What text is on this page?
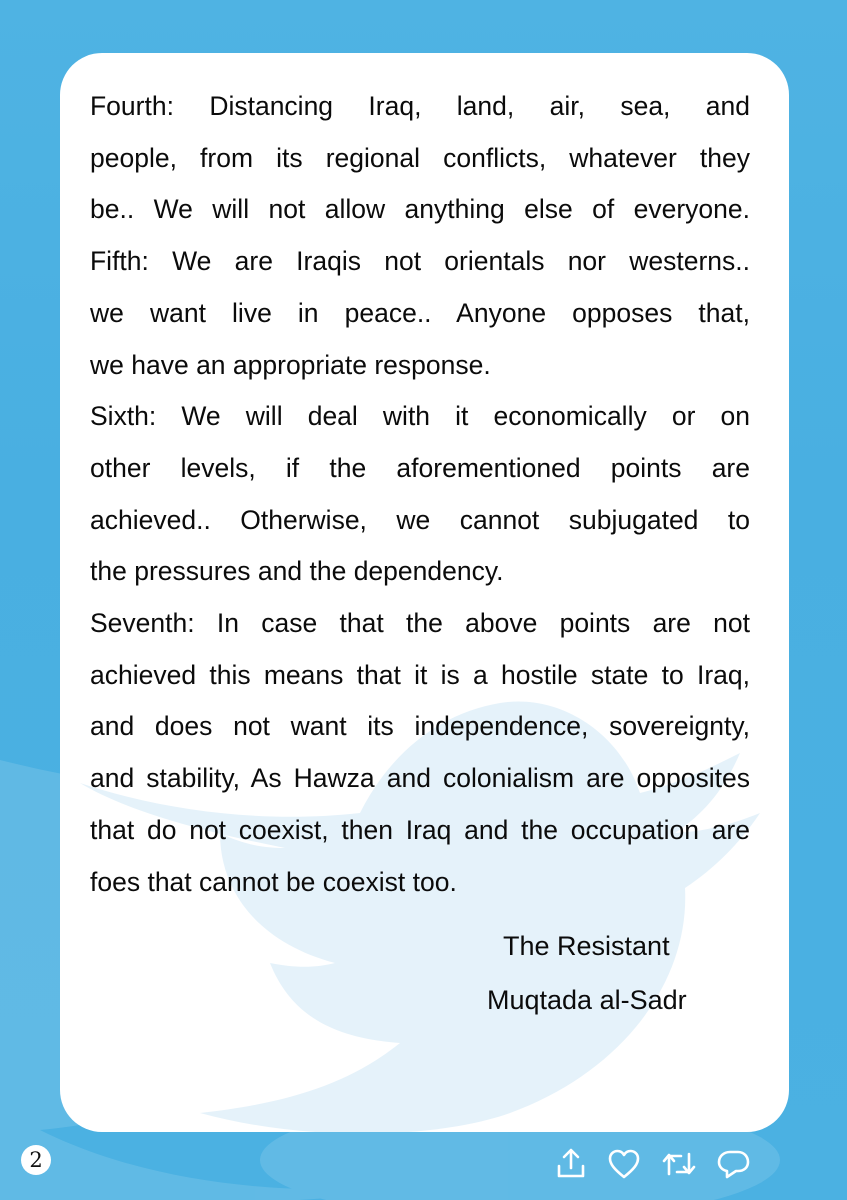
Fourth: Distancing Iraq, land, air, sea, and
people, from its regional conflicts, whatever they
be.. We will not allow anything else of everyone.
Fifth: We are Iraqis not orientals nor westerns..
we want live in peace.. Anyone opposes that,
we have an appropriate response.
Sixth: We will deal with it economically or on
other levels, if the aforementioned points are
achieved.. Otherwise, we cannot subjugated to
the pressures and the dependency.
Seventh: In case that the above points are not
achieved this means that it is a hostile state to Iraq,
and does not want its independence, sovereignty,
and stability, As Hawza and colonialism are opposites
that do not coexist, then Iraq and the occupation are
foes that cannot be coexist too.
The Resistant
Muqtada al-Sadr
2
